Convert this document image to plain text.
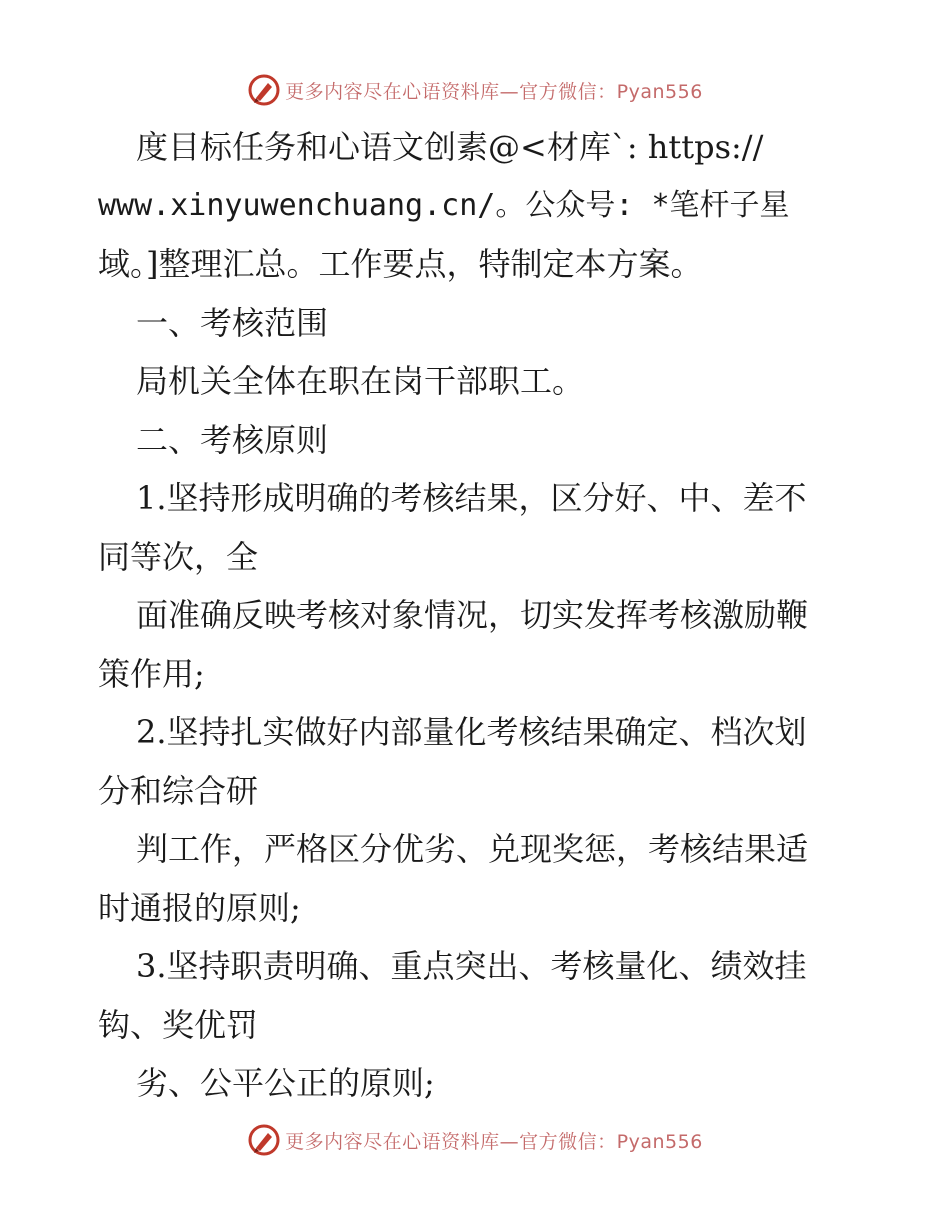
更多内容尽在心语资料库—官方微信：Pyan556
度目标任务和心语文创素@<材库`: https://
www.xinyuwenchuang.cn/。公众号: *笔杆子星
域。]整理汇总。工作要点，特制定本方案。
一、考核范围
局机关全体在职在岗干部职工。
二、考核原则
1.坚持形成明确的考核结果，区分好、中、差不
同等次，全
面准确反映考核对象情况，切实发挥考核激励鞭
策作用;
2.坚持扎实做好内部量化考核结果确定、档次划
分和综合研
判工作，严格区分优劣、兑现奖惩，考核结果适
时通报的原则;
3.坚持职责明确、重点突出、考核量化、绩效挂
钩、奖优罚
劣、公平公正的原则;
更多内容尽在心语资料库—官方微信：Pyan556
